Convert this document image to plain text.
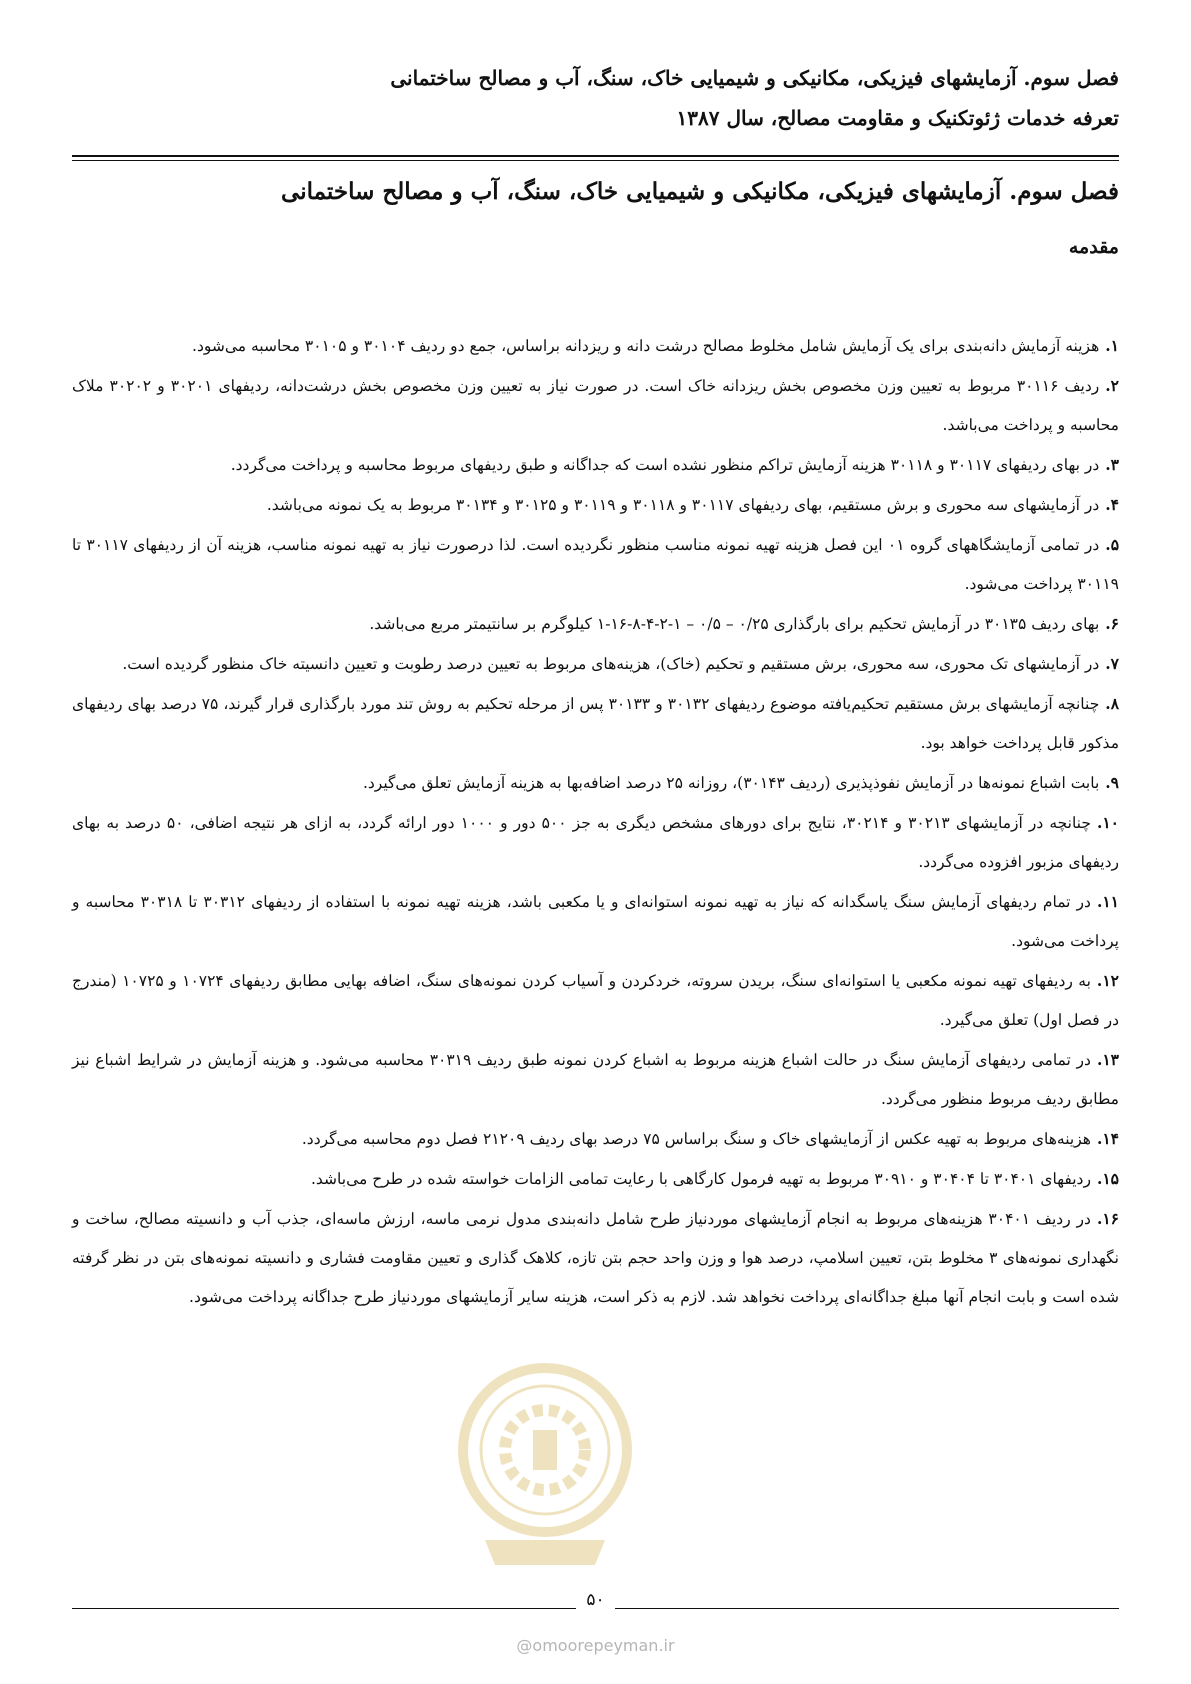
فصل سوم. آزمایشهای فیزیکی، مکانیکی و شیمیایی خاک، سنگ، آب و مصالح ساختمانی
تعرفه خدمات ژئوتکنیک و مقاومت مصالح، سال ۱۳۸۷
فصل سوم. آزمایشهای فیزیکی، مکانیکی و شیمیایی خاک، سنگ، آب و مصالح ساختمانی
مقدمه

۱.هزینه آزمایش دانه‌بندی برای یک آزمایش شامل مخلوط مصالح درشت دانه و ریزدانه براساس، جمع دو ردیف ۳۰۱۰۴ و ۳۰۱۰۵ محاسبه می‌شود.

۲.ردیف ۳۰۱۱۶ مربوط به تعیین وزن مخصوص بخش ریزدانه خاک است. در صورت نیاز به تعیین وزن مخصوص بخش درشت‌دانه، ردیفهای ۳۰۲۰۱ و ۳۰۲۰۲ ملاک محاسبه و پرداخت می‌باشد.

۳.در بهای ردیفهای ۳۰۱۱۷ و ۳۰۱۱۸ هزینه آزمایش تراکم منظور نشده است که جداگانه و طبق ردیفهای مربوط محاسبه و پرداخت می‌گردد.

۴.در آزمایشهای سه محوری و برش مستقیم، بهای ردیفهای ۳۰۱۱۷ و ۳۰۱۱۸ و ۳۰۱۱۹ و ۳۰۱۲۵ و ۳۰۱۳۴ مربوط به یک نمونه می‌باشد.

۵.در تمامی آزمایشگاههای گروه ۰۱ این فصل هزینه تهیه نمونه مناسب منظور نگردیده است. لذا درصورت نیاز به تهیه نمونه مناسب، هزینه آن از ردیفهای ۳۰۱۱۷ تا ۳۰۱۱۹ پرداخت می‌شود.

۶.بهای ردیف ۳۰۱۳۵ در آزمایش تحکیم برای بارگذاری ۰/۲۵ – ۰/۵ – ۱-۲-۴-۸-۱۶-۱ کیلوگرم بر سانتیمتر مربع می‌باشد.

۷.در آزمایشهای تک محوری، سه محوری، برش مستقیم و تحکیم (خاک)، هزینه‌های مربوط به تعیین درصد رطوبت و تعیین دانسیته خاک منظور گردیده است.

۸.چنانچه آزمایشهای برش مستقیم تحکیم‌یافته موضوع ردیفهای ۳۰۱۳۲ و ۳۰۱۳۳ پس از مرحله تحکیم به روش تند مورد بارگذاری قرار گیرند، ۷۵ درصد بهای ردیفهای مذکور قابل پرداخت خواهد بود.

۹.بابت اشباع نمونه‌ها در آزمایش نفوذپذیری (ردیف ۳۰۱۴۳)، روزانه ۲۵ درصد اضافه‌بها به هزینه آزمایش تعلق می‌گیرد.

۱۰.چنانچه در آزمایشهای ۳۰۲۱۳ و ۳۰۲۱۴، نتایج برای دورهای مشخص دیگری به جز ۵۰۰ دور و ۱۰۰۰ دور ارائه گردد، به ازای هر نتیجه اضافی، ۵۰ درصد به بهای ردیفهای مزبور افزوده می‌گردد.

۱۱.در تمام ردیفهای آزمایش سنگ یاسگدانه که نیاز به تهیه نمونه استوانه‌ای و یا مکعبی باشد، هزینه تهیه نمونه با استفاده از ردیفهای ۳۰۳۱۲ تا ۳۰۳۱۸ محاسبه و پرداخت می‌شود.

۱۲.به ردیفهای تهیه نمونه مکعبی یا استوانه‌ای سنگ، بریدن سروته، خردکردن و آسیاب کردن نمونه‌های سنگ، اضافه بهایی مطابق ردیفهای ۱۰۷۲۴ و ۱۰۷۲۵ (مندرج در فصل اول) تعلق می‌گیرد.

۱۳.در تمامی ردیفهای آزمایش سنگ در حالت اشباع هزینه مربوط به اشباع کردن نمونه طبق ردیف ۳۰۳۱۹ محاسبه می‌شود. و هزینه آزمایش در شرایط اشباع نیز مطابق ردیف مربوط منظور می‌گردد.

۱۴.هزینه‌های مربوط به تهیه عکس از آزمایشهای خاک و سنگ براساس ۷۵ درصد بهای ردیف ۲۱۲۰۹ فصل دوم محاسبه می‌گردد.

۱۵.ردیفهای ۳۰۴۰۱ تا ۳۰۴۰۴ و ۳۰۹۱۰ مربوط به تهیه فرمول کارگاهی با رعایت تمامی الزامات خواسته شده در طرح می‌باشد.

۱۶.در ردیف ۳۰۴۰۱ هزینه‌های مربوط به انجام آزمایشهای موردنیاز طرح شامل دانه‌بندی مدول نرمی ماسه، ارزش ماسه‌ای، جذب آب و دانسیته مصالح، ساخت و نگهداری نمونه‌های ۳ مخلوط بتن، تعیین اسلامپ، درصد هوا و وزن واحد حجم بتن تازه، کلاهک گذاری و تعیین مقاومت فشاری و دانسیته نمونه‌های بتن در نظر گرفته شده است و بابت انجام آنها مبلغ جداگانه‌ای پرداخت نخواهد شد. لازم به ذکر است، هزینه سایر آزمایشهای موردنیاز طرح جداگانه پرداخت می‌شود.

۵۰
@omoorepeyman.ir
